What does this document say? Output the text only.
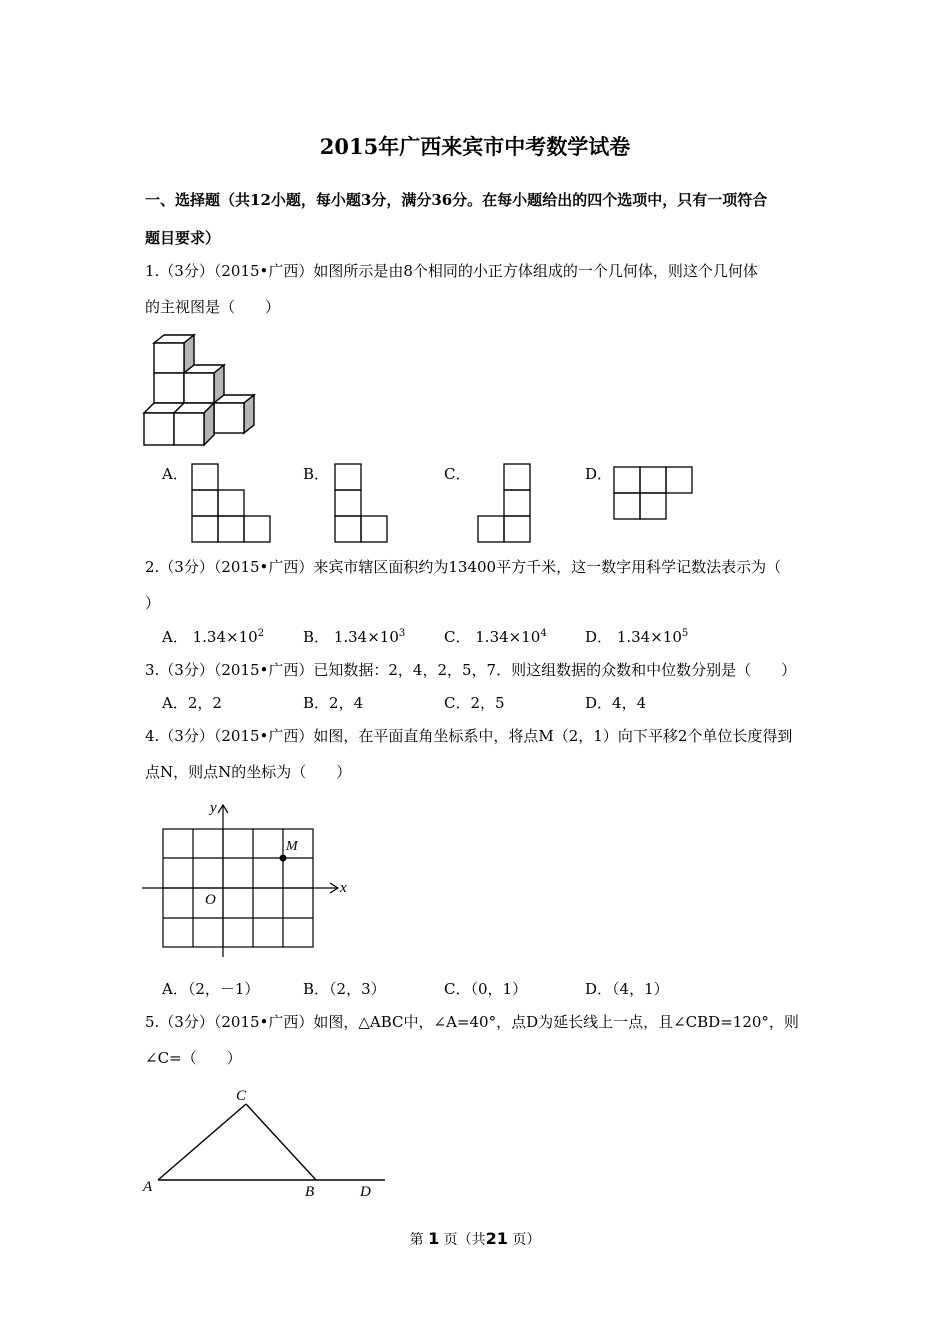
2015年广西来宾市中考数学试卷
一、选择题（共12小题，每小题3分，满分36分。在每小题给出的四个选项中，只有一项符合
题目要求）
1.（3分）（2015•广西）如图所示是由8个相同的小正方体组成的一个几何体，则这个几何体
的主视图是（　　）
A．	B．	C．	D．
2.（3分）（2015•广西）来宾市辖区面积约为13400平方千米，这一数字用科学记数法表示为（
）
A． $1.34\times 10^2$	B． $1.34\times 10^3$	C． $1.34\times 10^4$	D． $1.34\times 10^5$
3.（3分）（2015•广西）已知数据：2，4，2，5，7．则这组数据的众数和中位数分别是（　　）
A．2，2	B．2，4	C．2，5	D．4，4
4.（3分）（2015•广西）如图，在平面直角坐标系中，将点M（2，1）向下平移2个单位长度得到
点N，则点N的坐标为（　　）
y
x
O
M
A．（2，－1）	B．（2，3）	C．（0，1）	D．（4，1）
5.（3分）（2015•广西）如图，△ABC中，∠A=40°，点D为延长线上一点，且∠CBD=120°，则
∠C=（　　）
A	B
C
D
第 1 页（共21 页）
